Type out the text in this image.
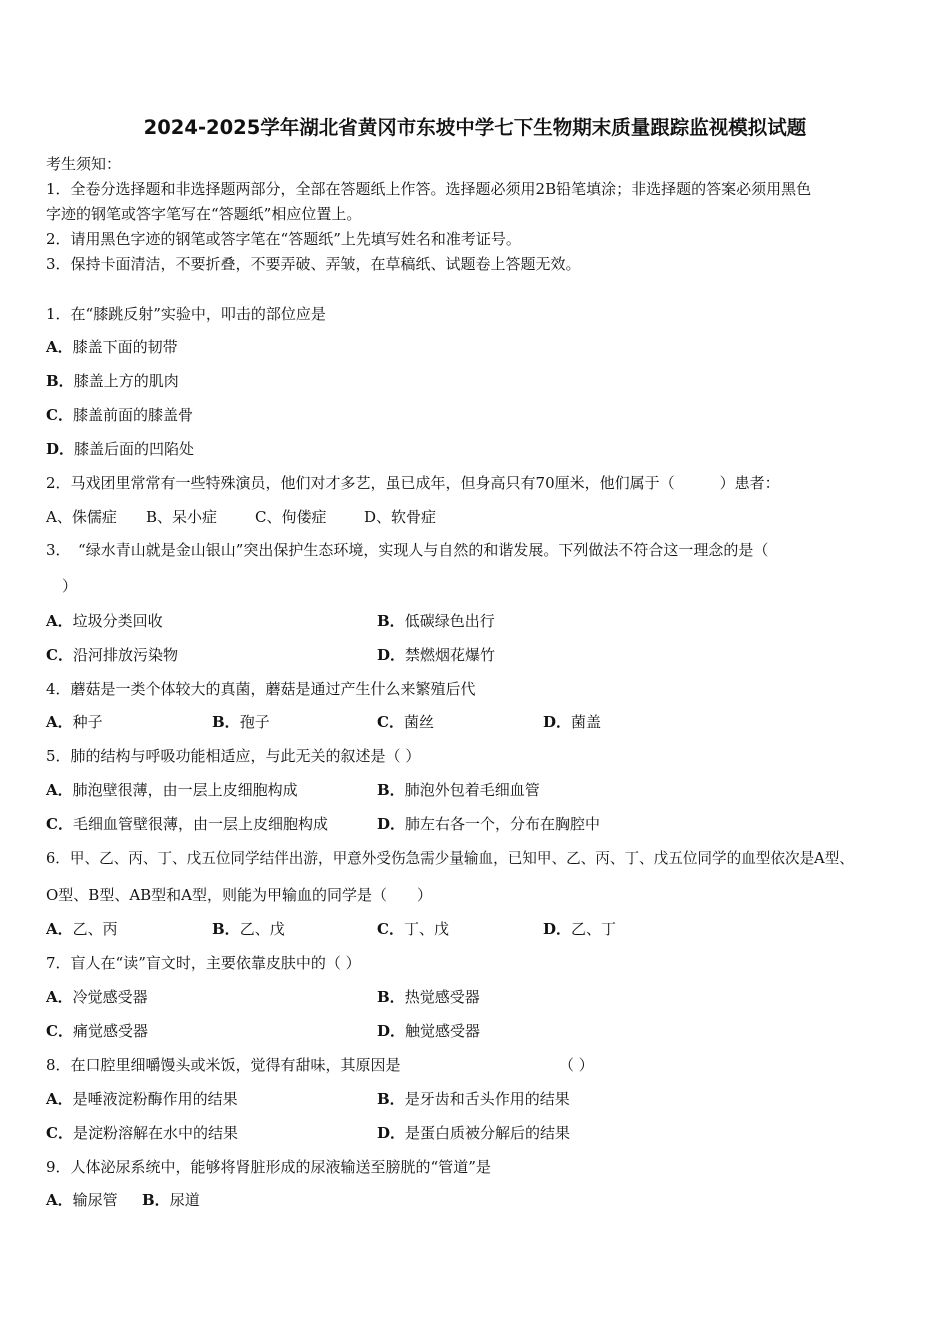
2024-2025学年湖北省黄冈市东坡中学七下生物期末质量跟踪监视模拟试题
考生须知：
1．全卷分选择题和非选择题两部分，全部在答题纸上作答。选择题必须用2B铅笔填涂；非选择题的答案必须用黑色
字迹的钢笔或答字笔写在“答题纸”相应位置上。
2．请用黑色字迹的钢笔或答字笔在“答题纸”上先填写姓名和准考证号。
3．保持卡面清洁，不要折叠，不要弄破、弄皱，在草稿纸、试题卷上答题无效。
1．在“膝跳反射”实验中，叩击的部位应是
A．膝盖下面的韧带
B．膝盖上方的肌肉
C．膝盖前面的膝盖骨
D．膝盖后面的凹陷处
2．马戏团里常常有一些特殊演员，他们对才多艺，虽已成年，但身高只有70厘米，他们属于（　　　）患者：
A、侏儒症 B、呆小症	C、佝偻症	D、软骨症
3．　“绿水青山就是金山银山”突出保护生态环境，实现人与自然的和谐发展。下列做法不符合这一理念的是（
）
A．垃圾分类回收	B．低碳绿色出行
C．沿河排放污染物	D．禁燃烟花爆竹
4．蘑菇是一类个体较大的真菌，蘑菇是通过产生什么来繁殖后代
A．种子	B．孢子	C．菌丝	D．菌盖
5．肺的结构与呼吸功能相适应，与此无关的叙述是（ ）
A．肺泡壁很薄，由一层上皮细胞构成	B．肺泡外包着毛细血管
C．毛细血管壁很薄，由一层上皮细胞构成	D．肺左右各一个，分布在胸腔中
6．甲、乙、丙、丁、戊五位同学结伴出游，甲意外受伤急需少量输血，已知甲、乙、丙、丁、戊五位同学的血型依次是A型、
O型、B型、AB型和A型，则能为甲输血的同学是（　　）
A．乙、丙	B．乙、戊	C．丁、戊	D．乙、丁
7．盲人在“读”盲文时，主要依靠皮肤中的（ ）
A．冷觉感受器	B．热觉感受器
C．痛觉感受器	D．触觉感受器
8．在口腔里细嚼馒头或米饭，觉得有甜味，其原因是	（ ）
A．是唾液淀粉酶作用的结果	B．是牙齿和舌头作用的结果
C．是淀粉溶解在水中的结果	D．是蛋白质被分解后的结果
9．人体泌尿系统中，能够将肾脏形成的尿液输送至膀胱的“管道”是
A．输尿管 B．尿道
